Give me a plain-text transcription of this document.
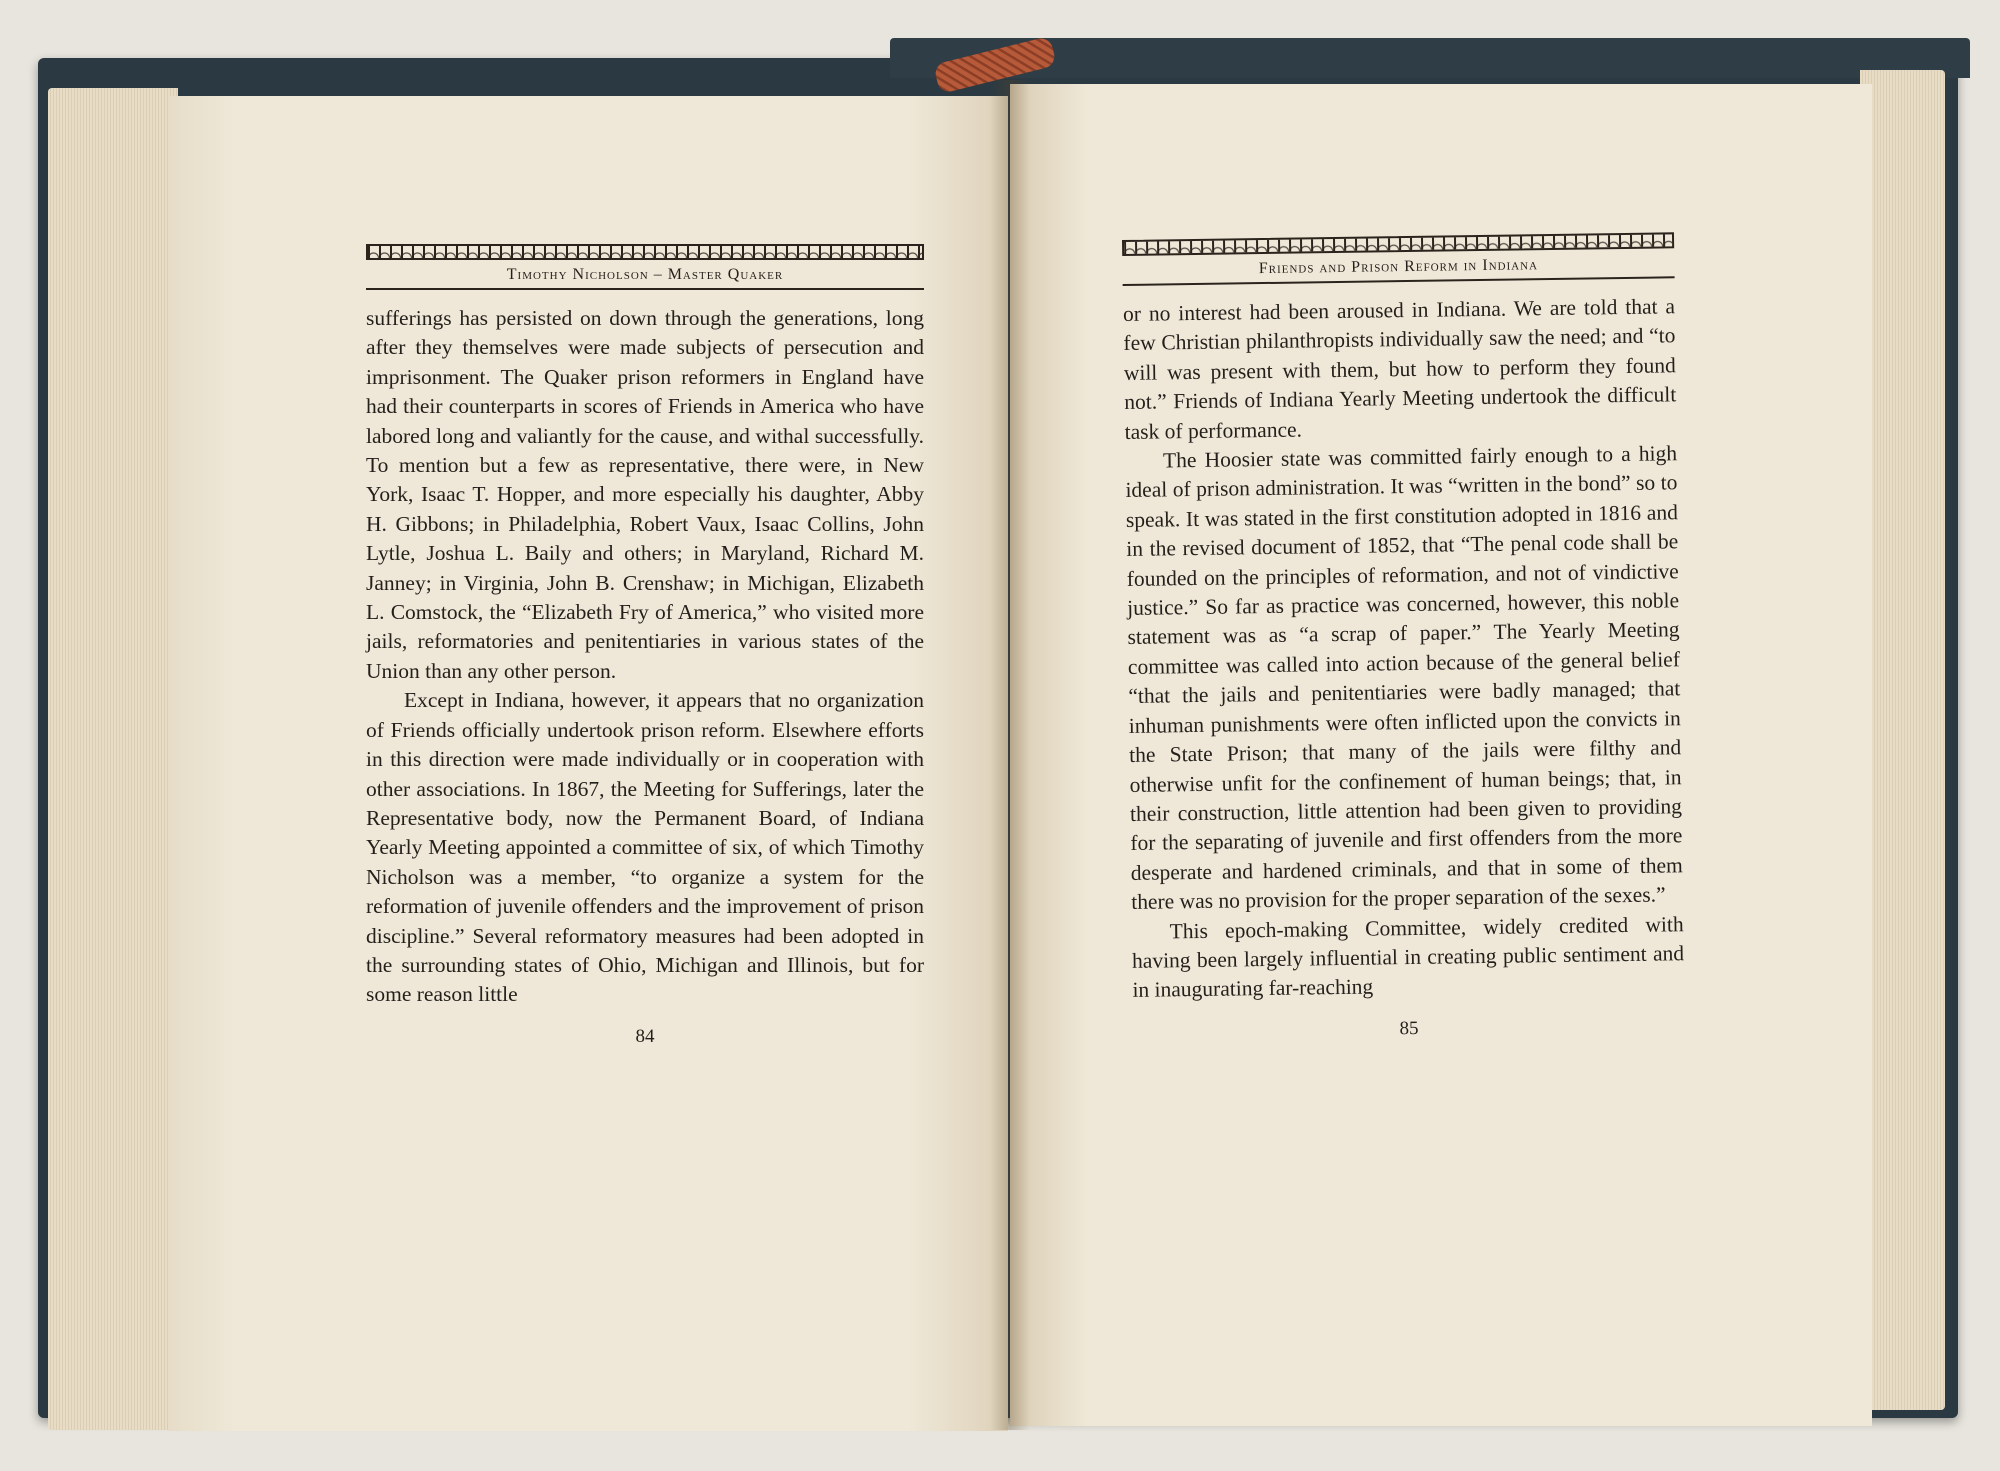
Timothy Nicholson – Master Quaker

sufferings has persisted on down through the generations, long after they themselves were made subjects of persecution and imprisonment. The Quaker prison reformers in England have had their counterparts in scores of Friends in America who have labored long and valiantly for the cause, and withal successfully. To mention but a few as representative, there were, in New York, Isaac T. Hopper, and more especially his daughter, Abby H. Gibbons; in Philadelphia, Robert Vaux, Isaac Collins, John Lytle, Joshua L. Baily and others; in Maryland, Richard M. Janney; in Virginia, John B. Crenshaw; in Michigan, Elizabeth L. Comstock, the “Elizabeth Fry of America,” who visited more jails, reformatories and penitentiaries in various states of the Union than any other person.

Except in Indiana, however, it appears that no organization of Friends officially undertook prison reform. Elsewhere efforts in this direction were made individually or in cooperation with other associations. In 1867, the Meeting for Sufferings, later the Representative body, now the Permanent Board, of Indiana Yearly Meeting appointed a committee of six, of which Timothy Nicholson was a member, “to organize a system for the reformation of juvenile offenders and the improvement of prison discipline.” Several reformatory measures had been adopted in the surrounding states of Ohio, Michigan and Illinois, but for some reason little

84
Friends and Prison Reform in Indiana

or no interest had been aroused in Indiana. We are told that a few Christian philanthropists individually saw the need; and “to will was present with them, but how to perform they found not.” Friends of Indiana Yearly Meeting undertook the difficult task of performance.

The Hoosier state was committed fairly enough to a high ideal of prison administration. It was “written in the bond” so to speak. It was stated in the first constitution adopted in 1816 and in the revised document of 1852, that “The penal code shall be founded on the principles of reformation, and not of vindictive justice.” So far as practice was concerned, however, this noble statement was as “a scrap of paper.” The Yearly Meeting committee was called into action because of the general belief “that the jails and penitentiaries were badly managed; that inhuman punishments were often inflicted upon the convicts in the State Prison; that many of the jails were filthy and otherwise unfit for the confinement of human beings; that, in their construction, little attention had been given to providing for the separating of juvenile and first offenders from the more desperate and hardened criminals, and that in some of them there was no provision for the proper separation of the sexes.”

This epoch-making Committee, widely credited with having been largely influential in creating public sentiment and in inaugurating far-reaching

85
